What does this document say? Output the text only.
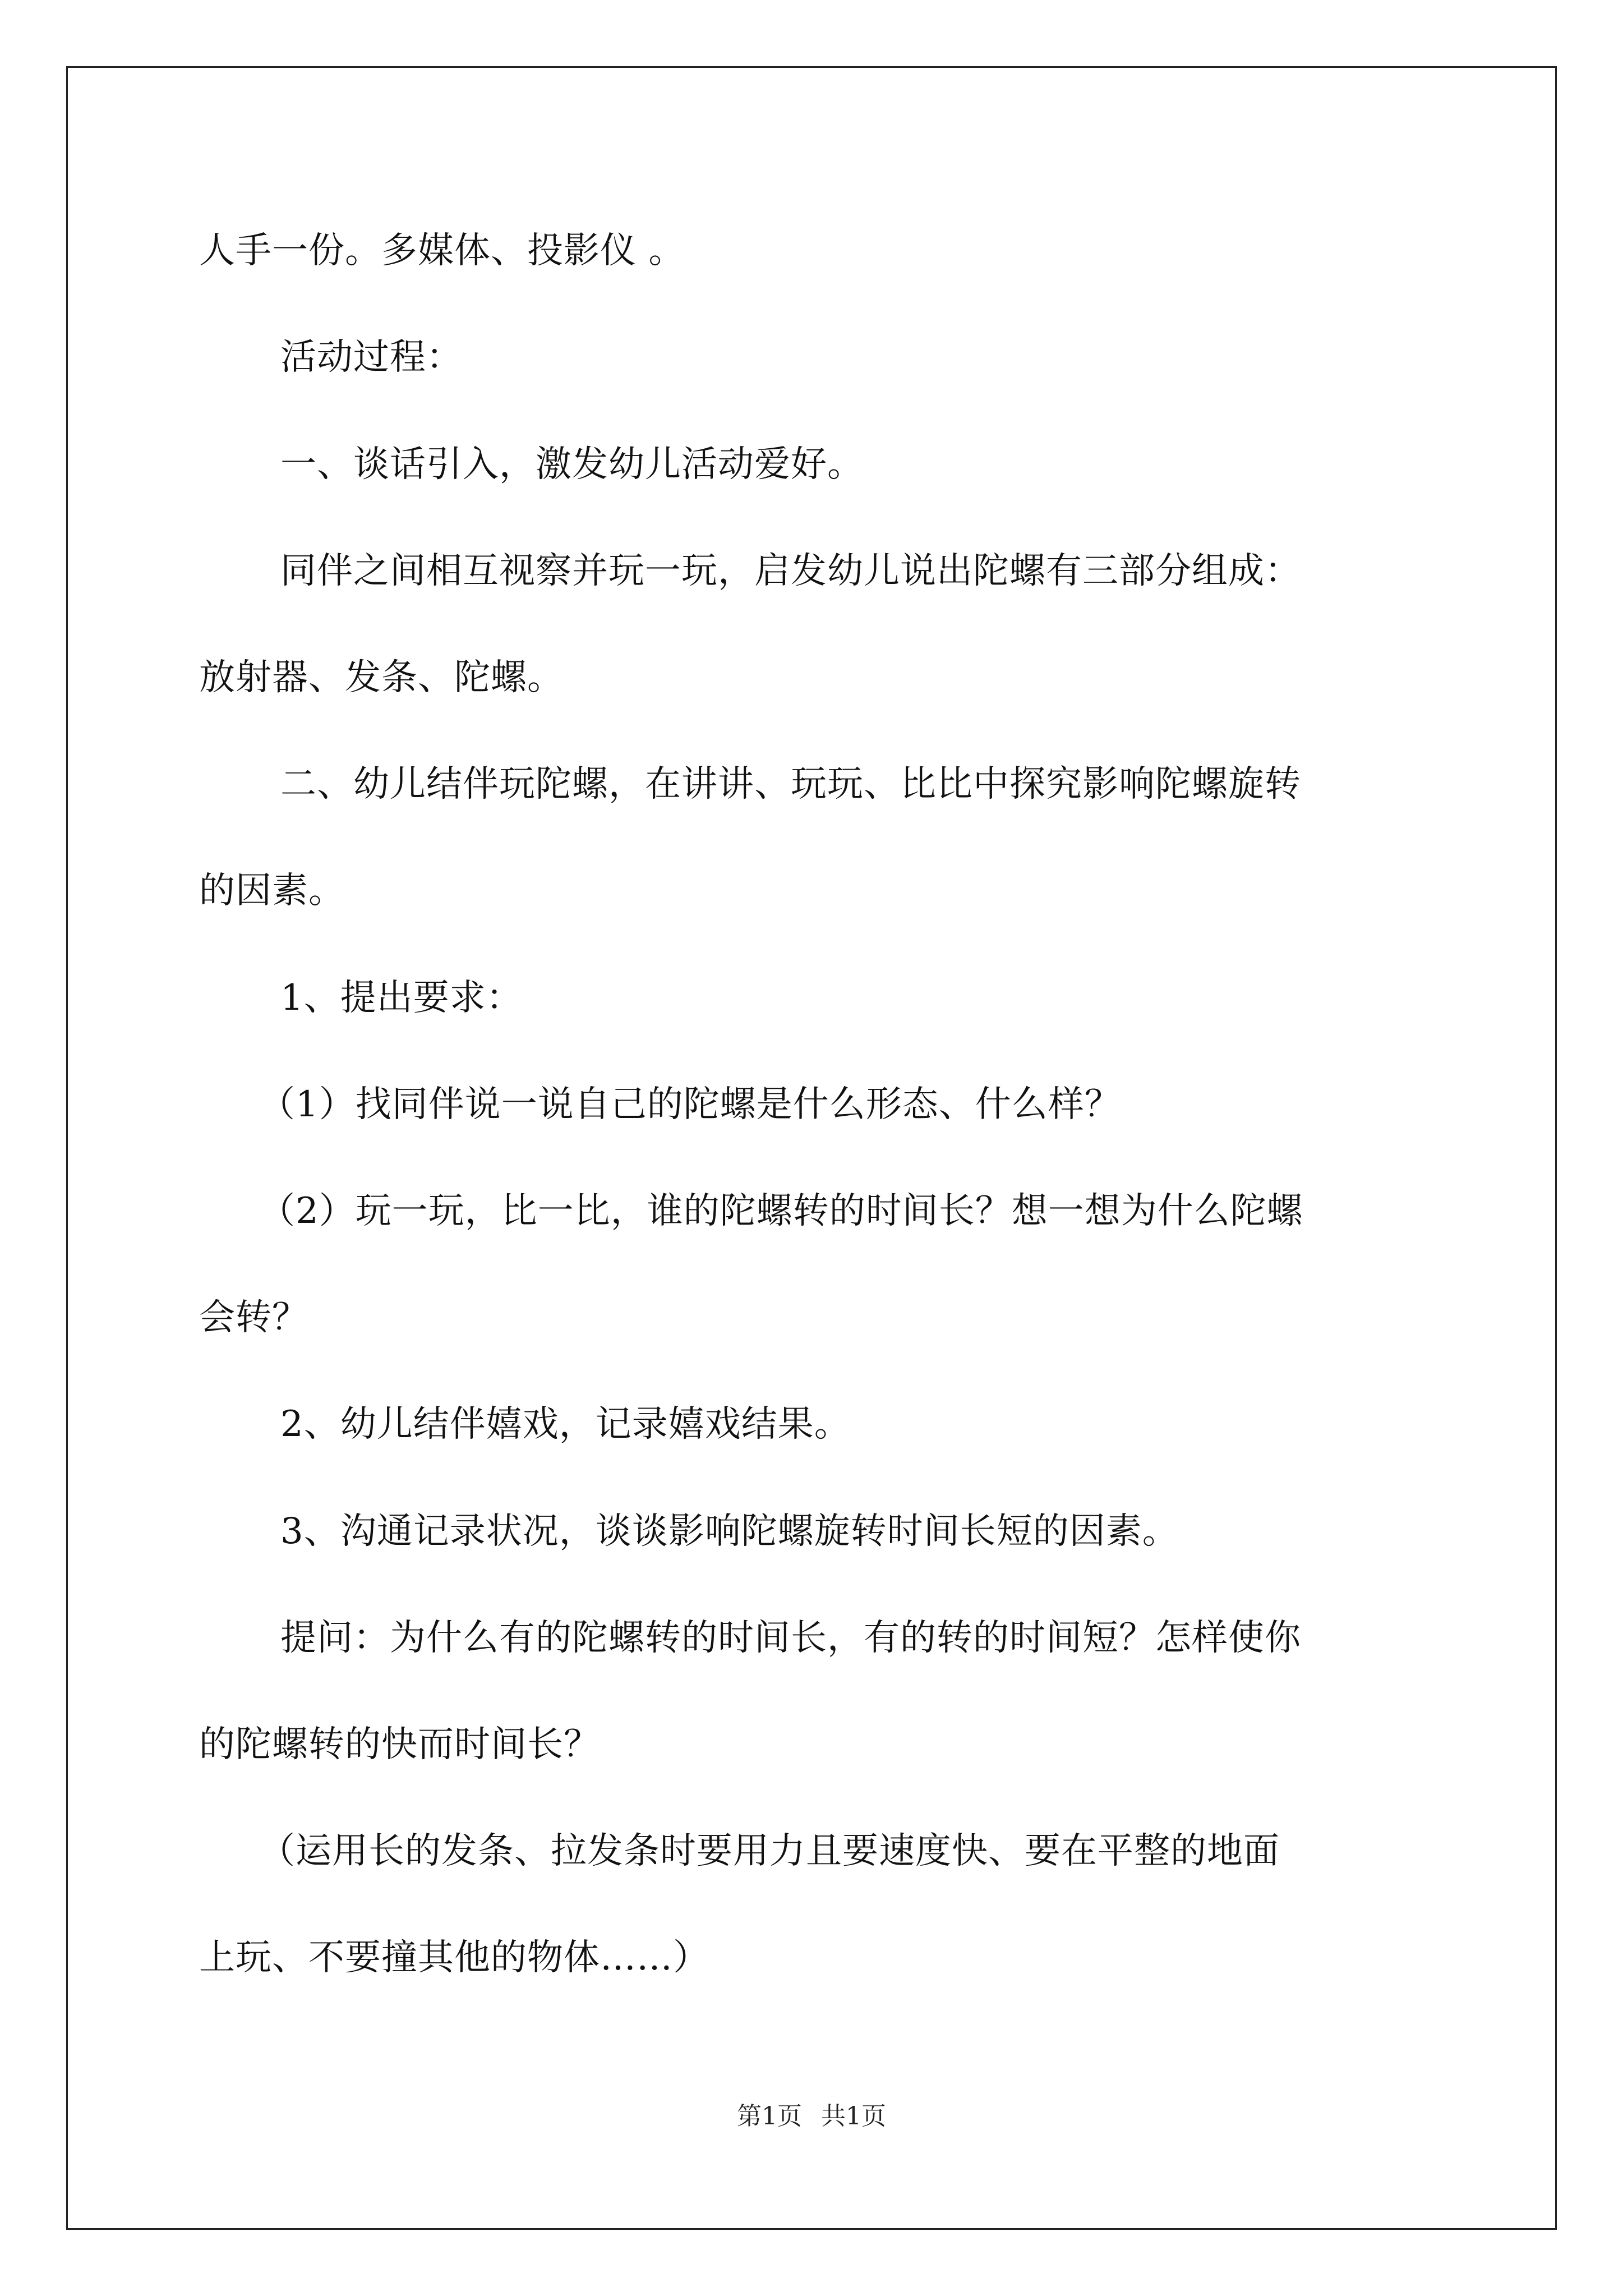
人手一份。多媒体、投影仪 。
活动过程：
一、谈话引入，激发幼儿活动爱好。
同伴之间相互视察并玩一玩，启发幼儿说出陀螺有三部分组成：
放射器、发条、陀螺。
二、幼儿结伴玩陀螺，在讲讲、玩玩、比比中探究影响陀螺旋转
的因素。
1、提出要求：
（1）找同伴说一说自己的陀螺是什么形态、什么样？
（2）玩一玩，比一比，谁的陀螺转的时间长？想一想为什么陀螺
会转？
2、幼儿结伴嬉戏，记录嬉戏结果。
3、沟通记录状况，谈谈影响陀螺旋转时间长短的因素。
提问：为什么有的陀螺转的时间长，有的转的时间短？怎样使你
的陀螺转的快而时间长？
（运用长的发条、拉发条时要用力且要速度快、要在平整的地面
上玩、不要撞其他的物体……）
第1页 共1页
